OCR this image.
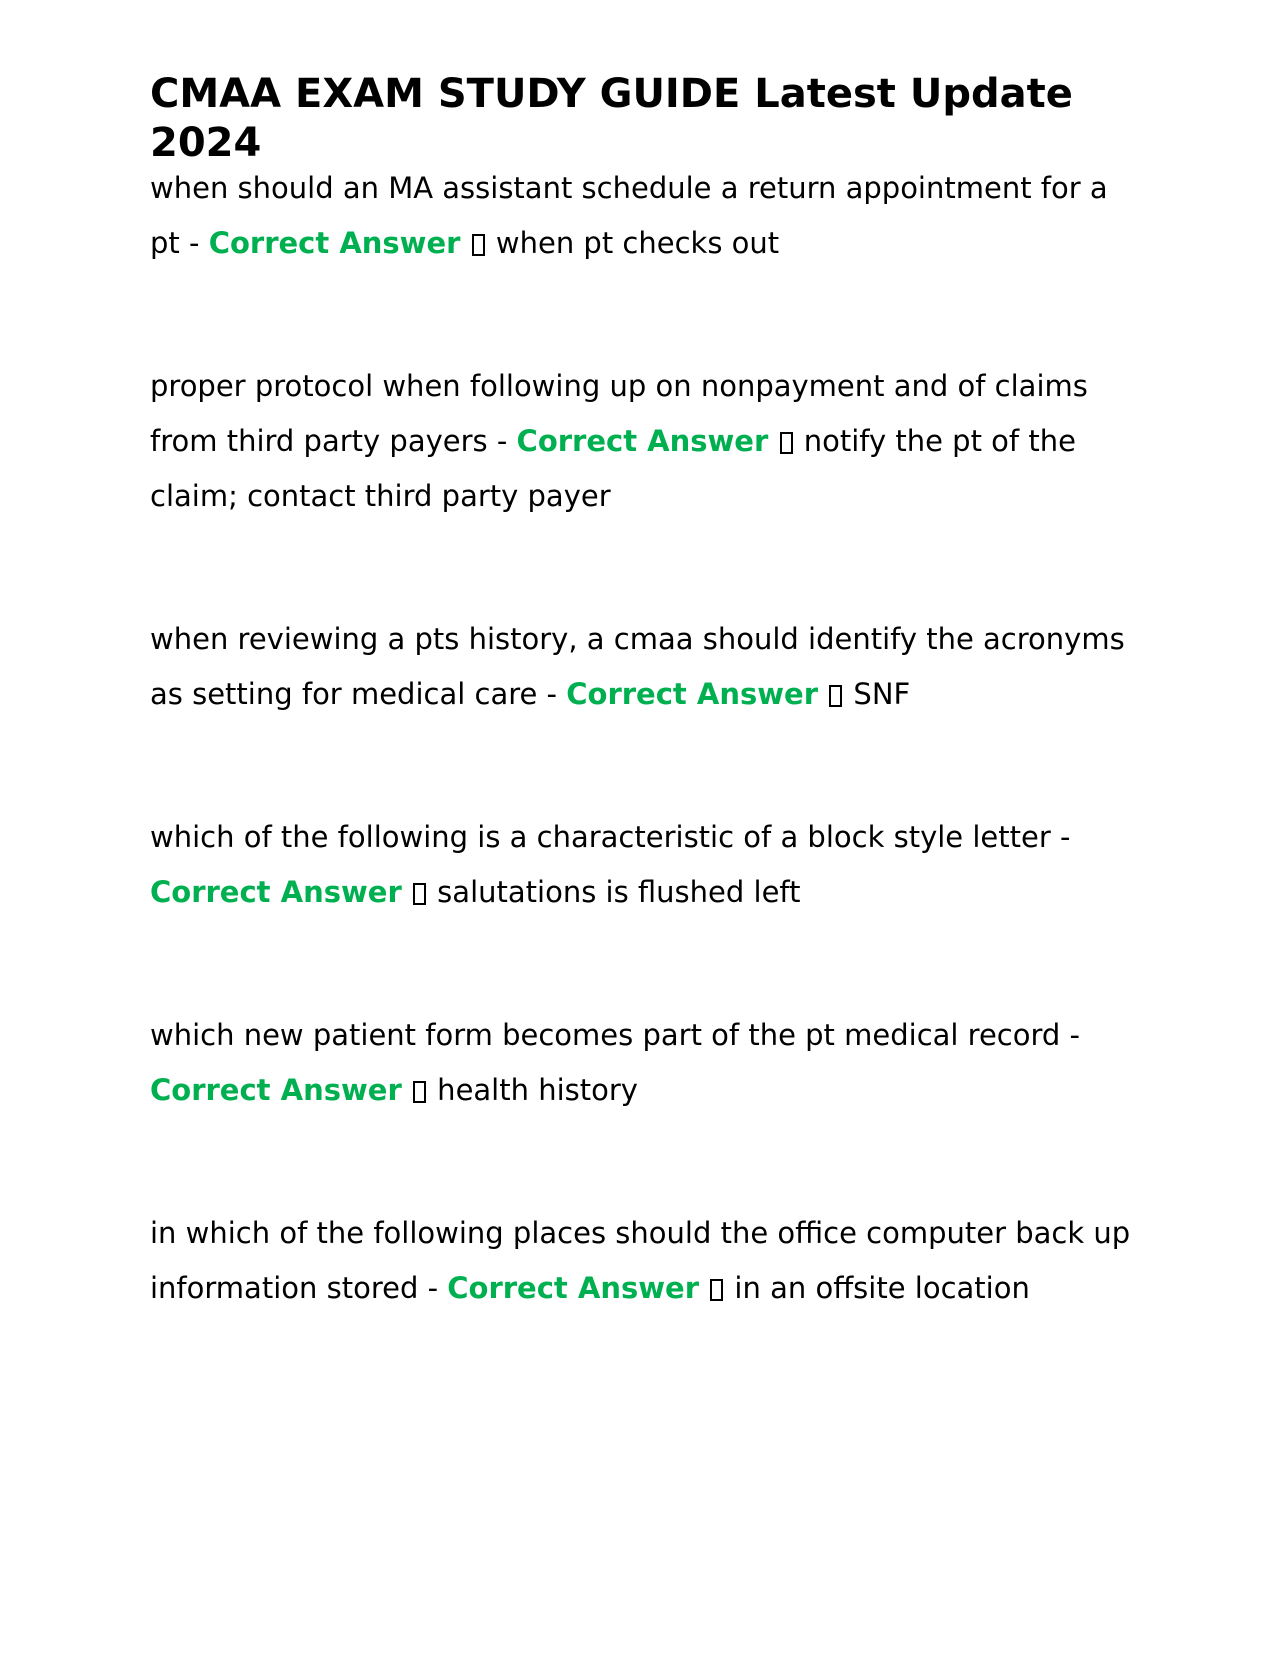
CMAA EXAM STUDY GUIDE Latest Update 2024

when should an MA assistant schedule a return appointment for a pt - Correct Answer  when pt checks out

proper protocol when following up on nonpayment and of claims from third party payers - Correct Answer  notify the pt of the claim; contact third party payer

when reviewing a pts history, a cmaa should identify the acronyms as setting for medical care - Correct Answer  SNF

which of the following is a characteristic of a block style letter - Correct Answer  salutations is flushed left

which new patient form becomes part of the pt medical record - Correct Answer  health history

in which of the following places should the office computer back up information stored - Correct Answer  in an offsite location
